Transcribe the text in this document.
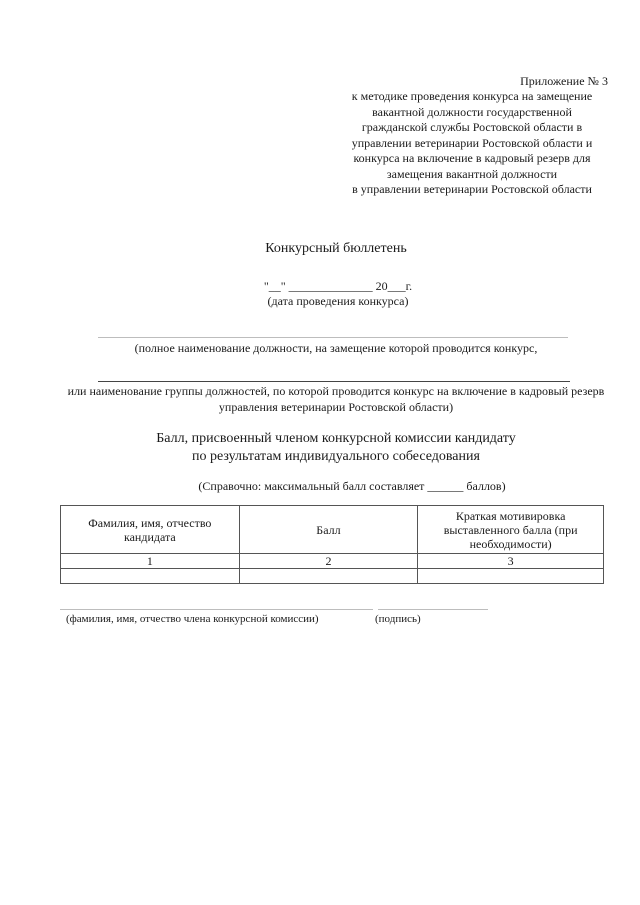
Приложение № 3
к методике проведения конкурса на замещение
вакантной должности государственной
гражданской службы Ростовской области в
управлении ветеринарии Ростовской области и
конкурса на включение в кадровый резерв для
замещения вакантной должности
в управлении ветеринарии Ростовской области
Конкурсный бюллетень
"__" ______________ 20___г.
(дата проведения конкурса)
(полное наименование должности, на замещение которой проводится конкурс,
или наименование группы должностей, по которой проводится конкурс на включение в кадровый резерв управления ветеринарии Ростовской области)
Балл, присвоенный членом конкурсной комиссии кандидату
по результатам индивидуального собеседования
(Справочно: максимальный балл составляет ______ баллов)
Фамилия, имя, отчество кандидата	Балл	Краткая мотивировка выставленного балла (при необходимости)
1	2	3

(фамилия, имя, отчество члена конкурсной комиссии)	(подпись)
